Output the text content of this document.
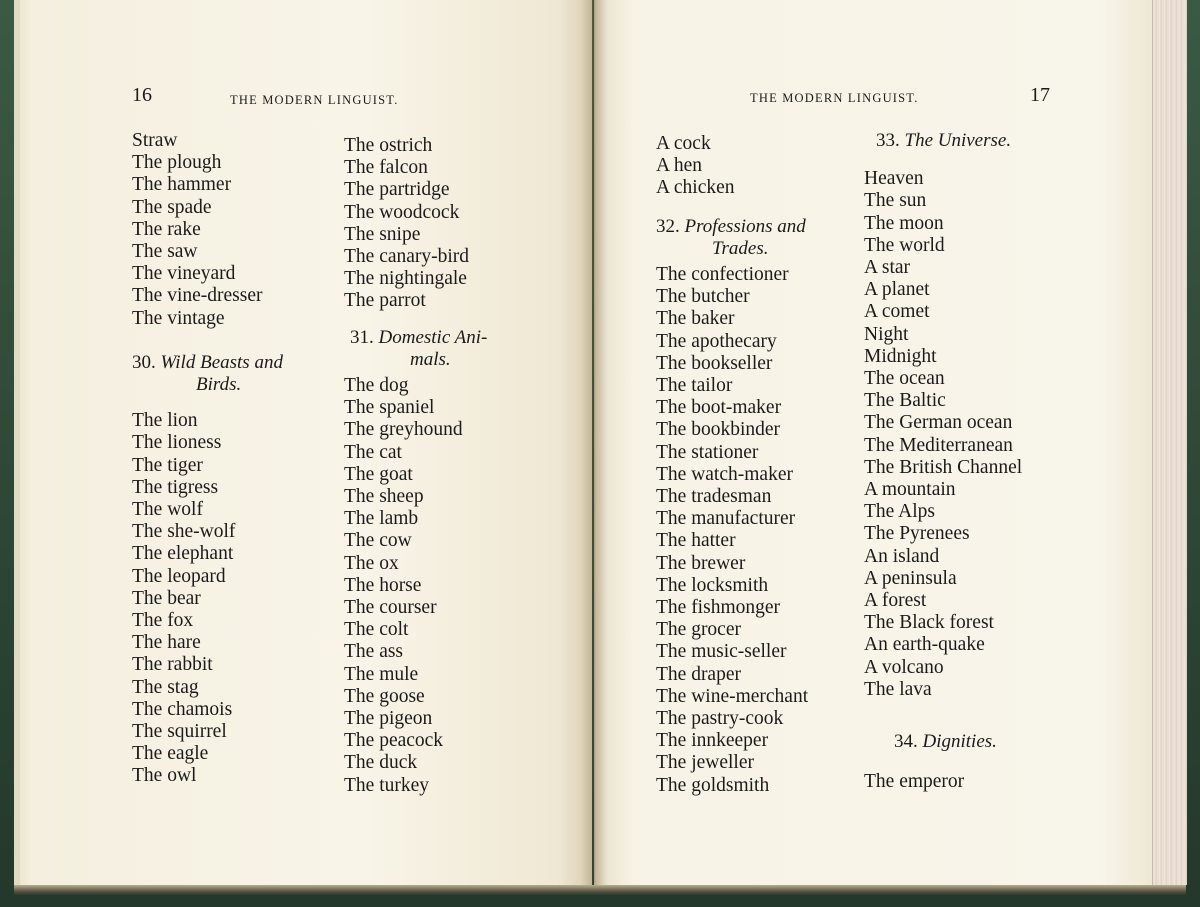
16	THE MODERN LINGUIST.
Straw
The plough
The hammer
The spade
The rake
The saw
The vineyard
The vine-dresser
The vintage
30. Wild Beasts and
Birds.
The lion
The lioness
The tiger
The tigress
The wolf
The she-wolf
The elephant
The leopard
The bear
The fox
The hare
The rabbit
The stag
The chamois
The squirrel
The eagle
The owl
The ostrich
The falcon
The partridge
The woodcock
The snipe
The canary-bird
The nightingale
The parrot
31. Domestic Ani-
mals.
The dog
The spaniel
The greyhound
The cat
The goat
The sheep
The lamb
The cow
The ox
The horse
The courser
The colt
The ass
The mule
The goose
The pigeon
The peacock
The duck
The turkey
THE MODERN LINGUIST.	17
A cock
A hen
A chicken
32. Professions and
Trades.
The confectioner
The butcher
The baker
The apothecary
The bookseller
The tailor
The boot-maker
The bookbinder
The stationer
The watch-maker
The tradesman
The manufacturer
The hatter
The brewer
The locksmith
The fishmonger
The grocer
The music-seller
The draper
The wine-merchant
The pastry-cook
The innkeeper
The jeweller
The goldsmith
33. The Universe.
Heaven
The sun
The moon
The world
A star
A planet
A comet
Night
Midnight
The ocean
The Baltic
The German ocean
The Mediterranean
The British Channel
A mountain
The Alps
The Pyrenees
An island
A peninsula
A forest
The Black forest
An earth-quake
A volcano
The lava
34. Dignities.
The emperor
